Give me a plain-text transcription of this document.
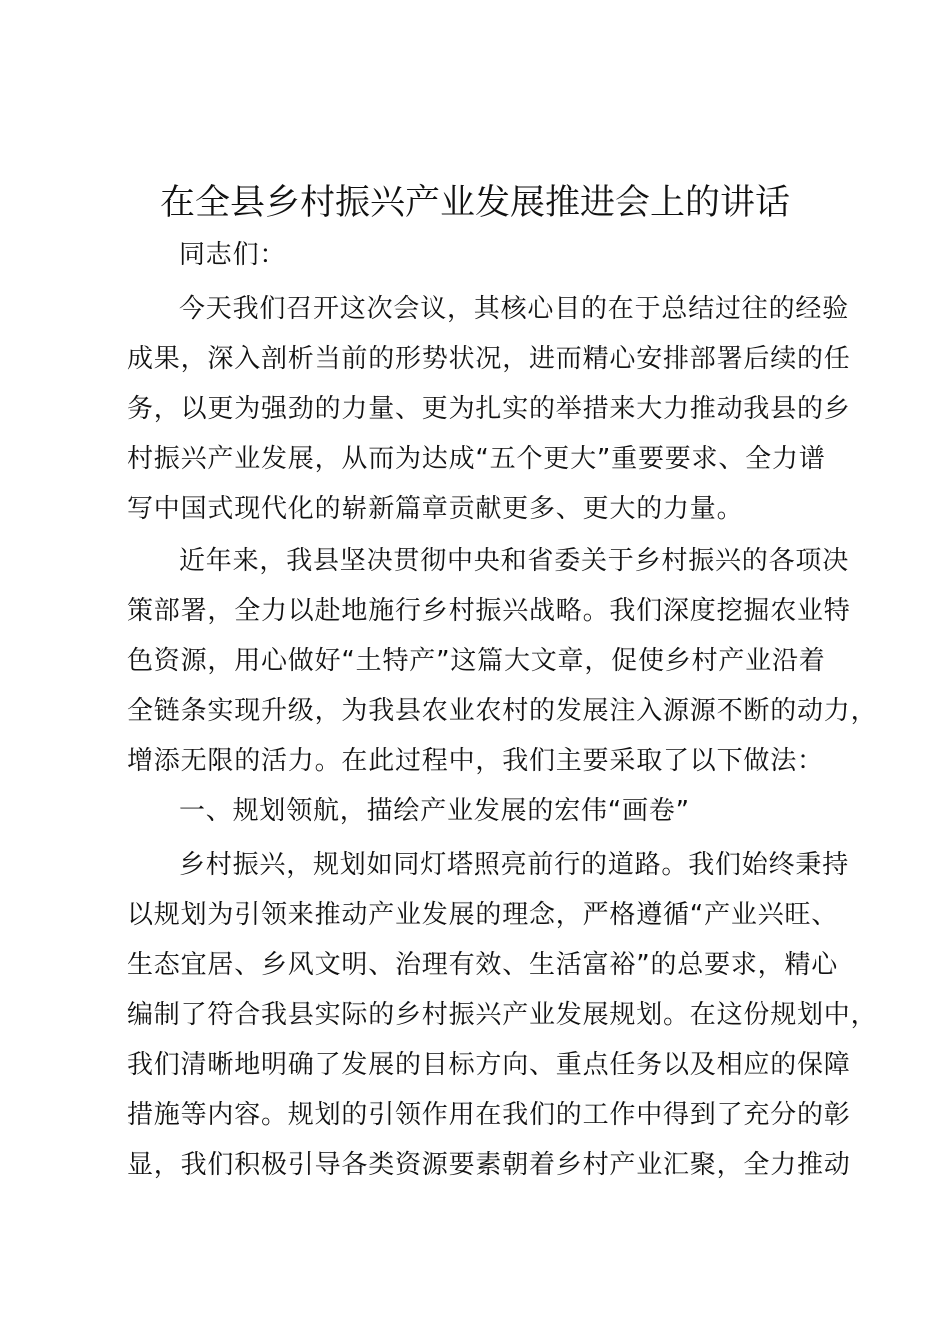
在全县乡村振兴产业发展推进会上的讲话
同志们：
今天我们召开这次会议，其核心目的在于总结过往的经验
成果，深入剖析当前的形势状况，进而精心安排部署后续的任
务，以更为强劲的力量、更为扎实的举措来大力推动我县的乡
村振兴产业发展，从而为达成“五个更大”重要要求、全力谱
写中国式现代化的崭新篇章贡献更多、更大的力量。
近年来，我县坚决贯彻中央和省委关于乡村振兴的各项决
策部署，全力以赴地施行乡村振兴战略。我们深度挖掘农业特
色资源，用心做好“土特产”这篇大文章，促使乡村产业沿着
全链条实现升级，为我县农业农村的发展注入源源不断的动力，
增添无限的活力。在此过程中，我们主要采取了以下做法：
一、规划领航，描绘产业发展的宏伟“画卷”
乡村振兴，规划如同灯塔照亮前行的道路。我们始终秉持
以规划为引领来推动产业发展的理念，严格遵循“产业兴旺、
生态宜居、乡风文明、治理有效、生活富裕”的总要求，精心
编制了符合我县实际的乡村振兴产业发展规划。在这份规划中，
我们清晰地明确了发展的目标方向、重点任务以及相应的保障
措施等内容。规划的引领作用在我们的工作中得到了充分的彰
显，我们积极引导各类资源要素朝着乡村产业汇聚，全力推动
